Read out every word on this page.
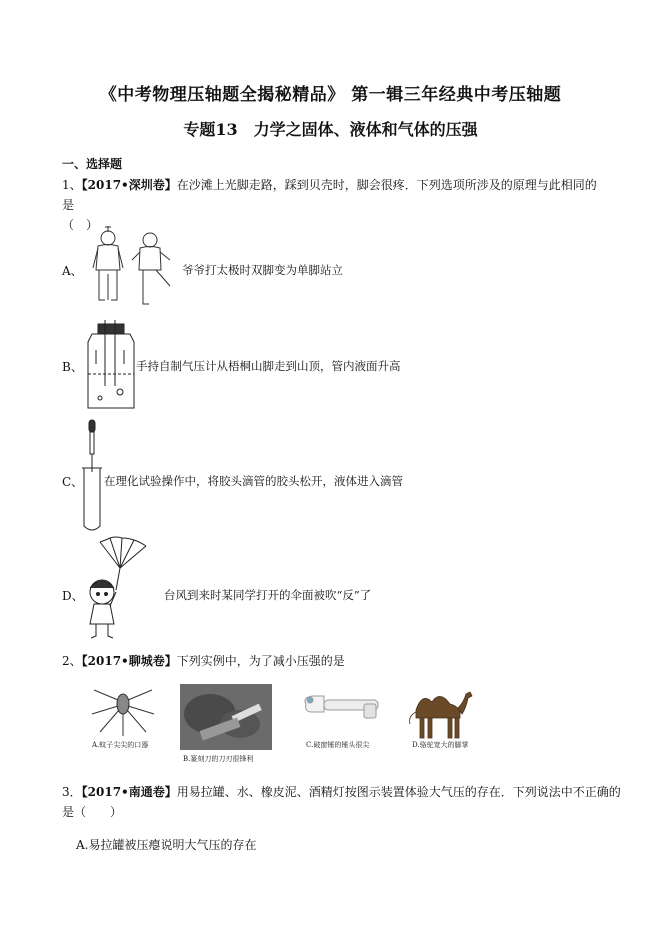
《中考物理压轴题全揭秘精品》 第一辑三年经典中考压轴题
专题13　力学之固体、液体和气体的压强
一、选择题
1、【2017•深圳卷】在沙滩上光脚走路，踩到贝壳时，脚会很疼．下列选项所涉及的原理与此相同的是
（　）
A、	爷爷打太极时双脚变为单脚站立
B、	手持自制气压计从梧桐山脚走到山顶，管内液面升高
C、 在理化试验操作中，将胶头滴管的胶头松开，液体进入滴管
D、	台风到来时某同学打开的伞面被吹“反”了
2、【2017•聊城卷】下列实例中，为了减小压强的是
A.蚊子尖尖的口器
B.篆刻刀的刀刃很锋利
C.破窗锤的锤头很尖	D.骆驼宽大的脚掌
3．【2017•南通卷】用易拉罐、水、橡皮泥、酒精灯按图示装置体验大气压的存在．下列说法中不正确的
是（　　）
A.易拉罐被压瘪说明大气压的存在
